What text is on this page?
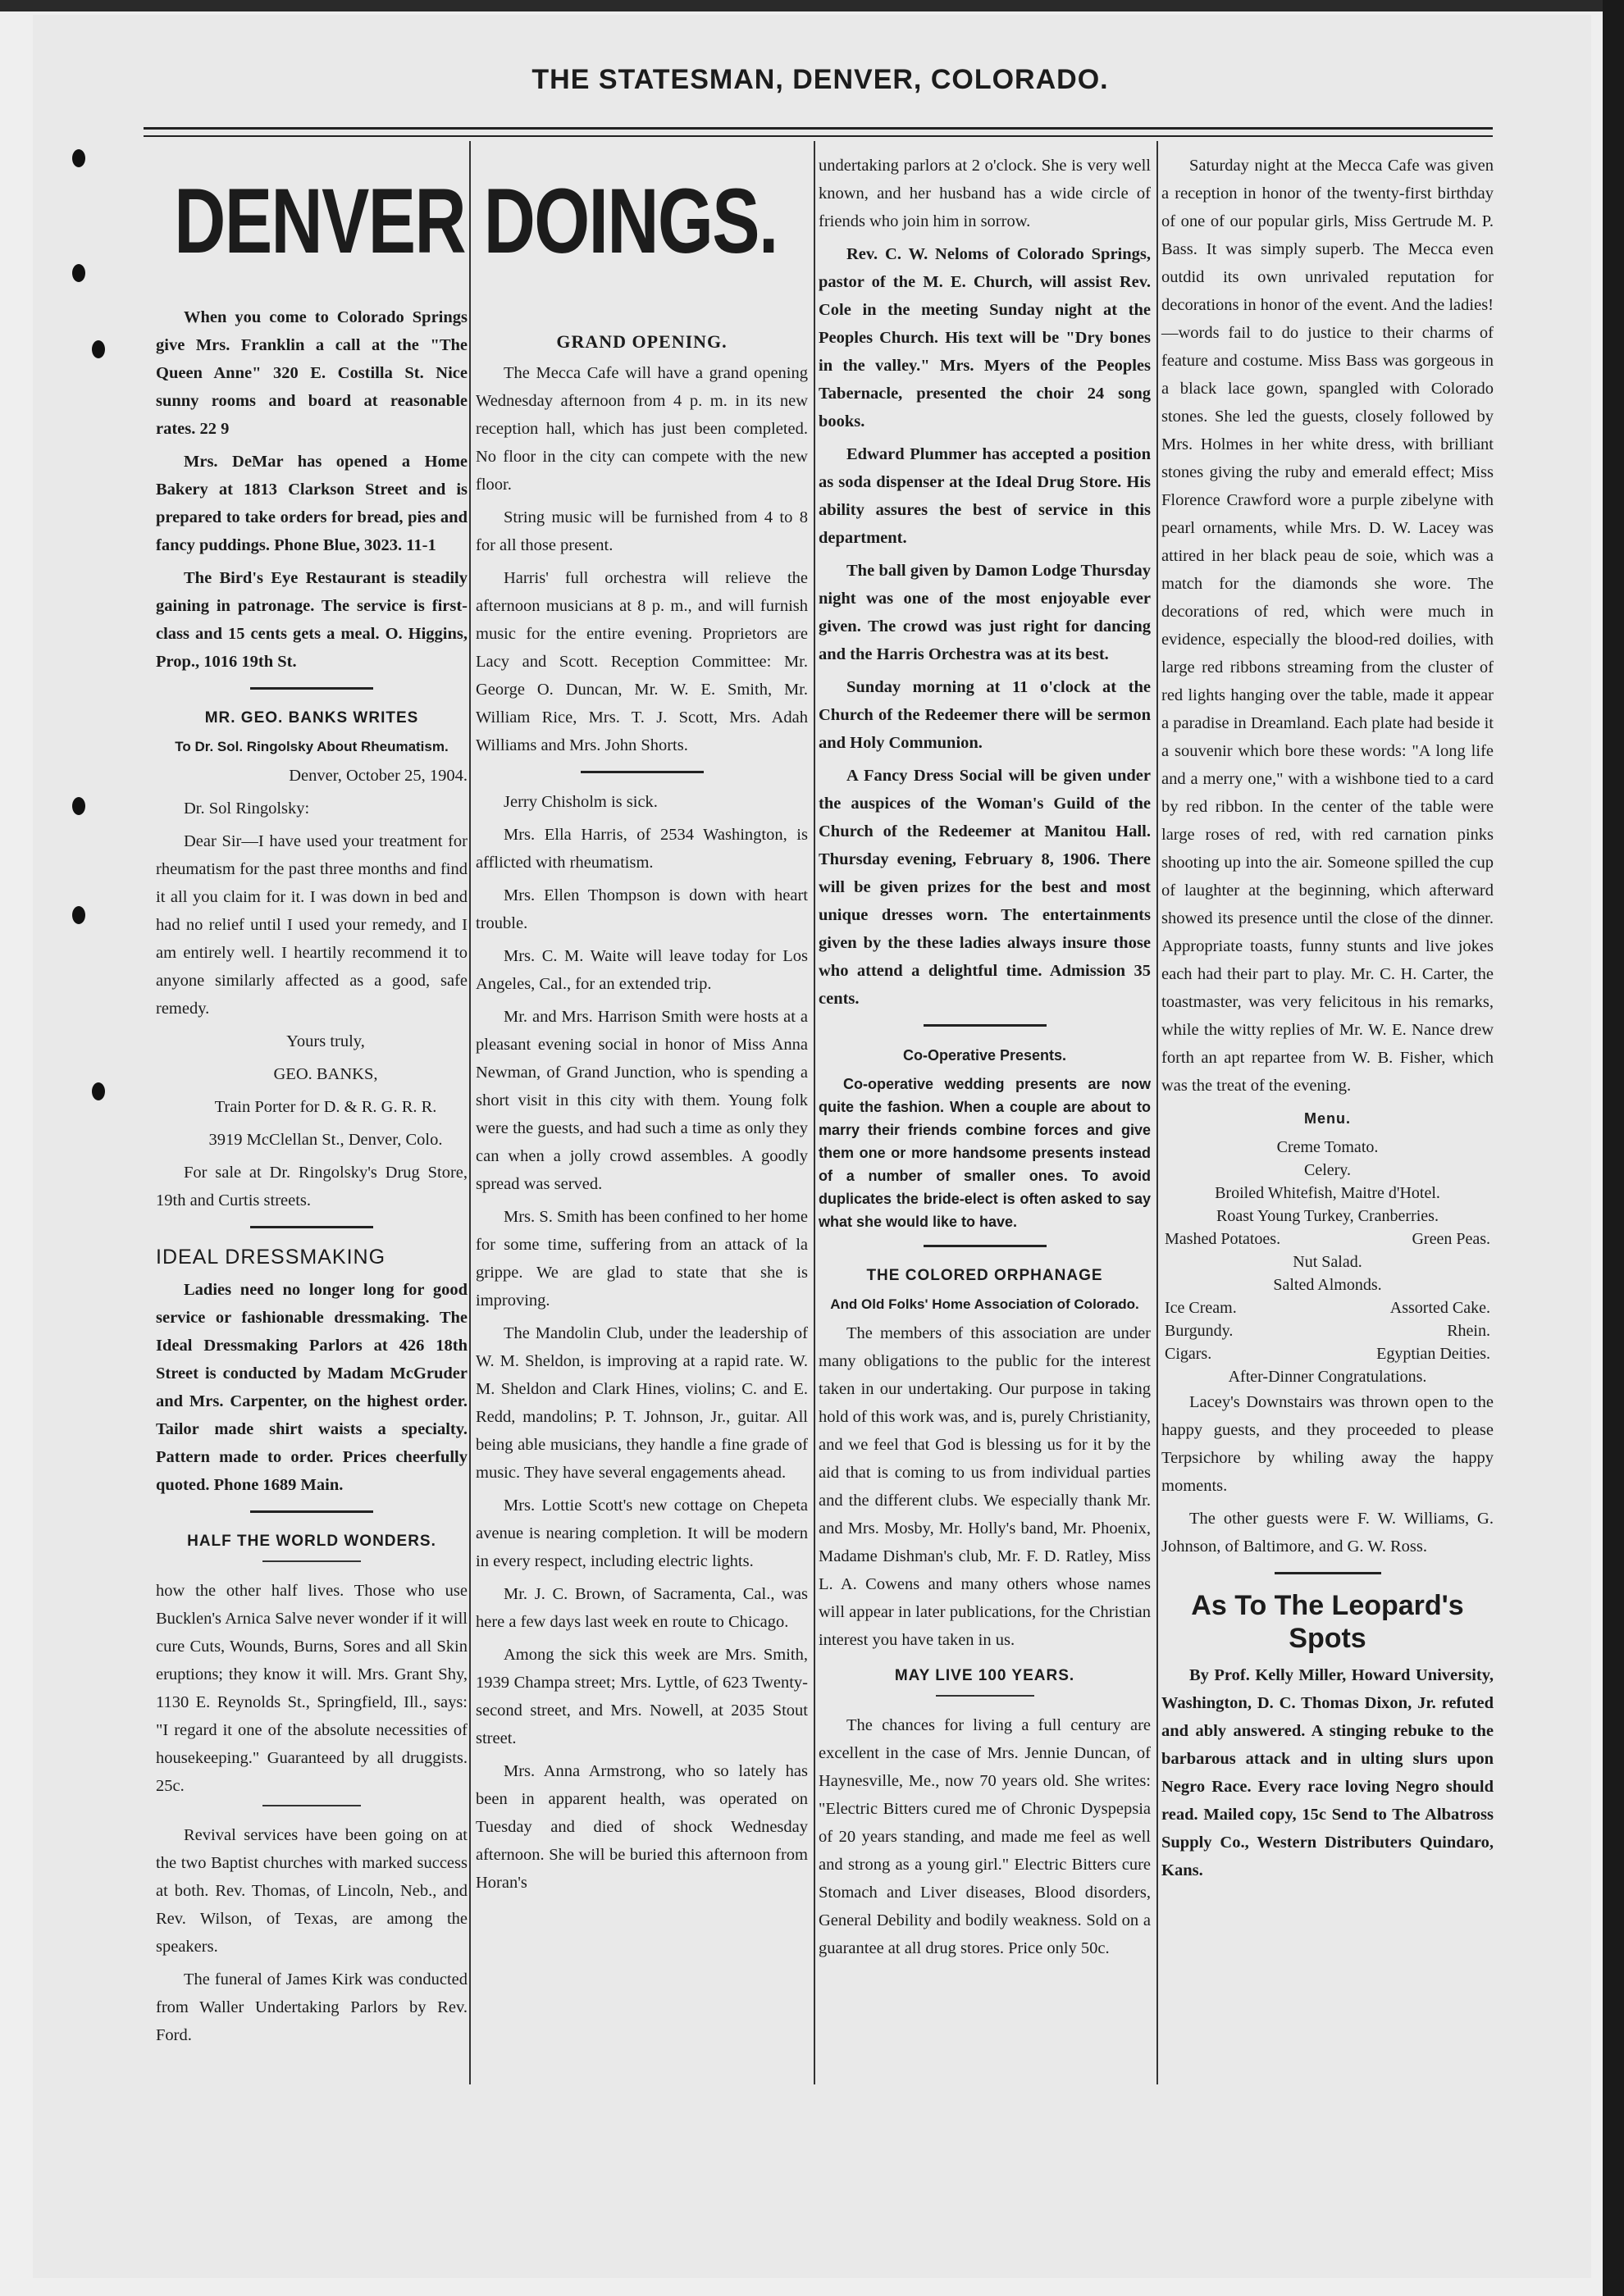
THE STATESMAN, DENVER, COLORADO.
DENVER DOINGS.

When you come to Colorado Springs give Mrs. Franklin a call at the "The Queen Anne" 320 E. Costilla St. Nice sunny rooms and board at reasonable rates. 22 9

Mrs. DeMar has opened a Home Bakery at 1813 Clarkson Street and is prepared to take orders for bread, pies and fancy puddings. Phone Blue, 3023. 11-1

The Bird's Eye Restaurant is steadily gaining in patronage. The service is first-class and 15 cents gets a meal. O. Higgins, Prop., 1016 19th St.

MR. GEO. BANKS WRITES
To Dr. Sol. Ringolsky About Rheumatism.

Denver, October 25, 1904.

Dr. Sol Ringolsky:

Dear Sir—I have used your treatment for rheumatism for the past three months and find it all you claim for it. I was down in bed and had no relief until I used your remedy, and I am entirely well. I heartily recommend it to anyone similarly affected as a good, safe remedy.

Yours truly,

GEO. BANKS,

Train Porter for D. & R. G. R. R.

3919 McClellan St., Denver, Colo.

For sale at Dr. Ringolsky's Drug Store, 19th and Curtis streets.

IDEAL DRESSMAKING

Ladies need no longer long for good service or fashionable dressmaking. The Ideal Dressmaking Parlors at 426 18th Street is conducted by Madam McGruder and Mrs. Carpenter, on the highest order. Tailor made shirt waists a specialty. Pattern made to order. Prices cheerfully quoted. Phone 1689 Main.

HALF THE WORLD WONDERS.

how the other half lives. Those who use Bucklen's Arnica Salve never wonder if it will cure Cuts, Wounds, Burns, Sores and all Skin eruptions; they know it will. Mrs. Grant Shy, 1130 E. Reynolds St., Springfield, Ill., says: "I regard it one of the absolute necessities of housekeeping." Guaranteed by all druggists. 25c.

Revival services have been going on at the two Baptist churches with marked success at both. Rev. Thomas, of Lincoln, Neb., and Rev. Wilson, of Texas, are among the speakers.

The funeral of James Kirk was conducted from Waller Undertaking Parlors by Rev. Ford.

GRAND OPENING.

The Mecca Cafe will have a grand opening Wednesday afternoon from 4 p. m. in its new reception hall, which has just been completed. No floor in the city can compete with the new floor.

String music will be furnished from 4 to 8 for all those present.

Harris' full orchestra will relieve the afternoon musicians at 8 p. m., and will furnish music for the entire evening. Proprietors are Lacy and Scott. Reception Committee: Mr. George O. Duncan, Mr. W. E. Smith, Mr. William Rice, Mrs. T. J. Scott, Mrs. Adah Williams and Mrs. John Shorts.

Jerry Chisholm is sick.

Mrs. Ella Harris, of 2534 Washington, is afflicted with rheumatism.

Mrs. Ellen Thompson is down with heart trouble.

Mrs. C. M. Waite will leave today for Los Angeles, Cal., for an extended trip.

Mr. and Mrs. Harrison Smith were hosts at a pleasant evening social in honor of Miss Anna Newman, of Grand Junction, who is spending a short visit in this city with them. Young folk were the guests, and had such a time as only they can when a jolly crowd assembles. A goodly spread was served.

Mrs. S. Smith has been confined to her home for some time, suffering from an attack of la grippe. We are glad to state that she is improving.

The Mandolin Club, under the leadership of W. M. Sheldon, is improving at a rapid rate. W. M. Sheldon and Clark Hines, violins; C. and E. Redd, mandolins; P. T. Johnson, Jr., guitar. All being able musicians, they handle a fine grade of music. They have several engagements ahead.

Mrs. Lottie Scott's new cottage on Chepeta avenue is nearing completion. It will be modern in every respect, including electric lights.

Mr. J. C. Brown, of Sacramenta, Cal., was here a few days last week en route to Chicago.

Among the sick this week are Mrs. Smith, 1939 Champa street; Mrs. Lyttle, of 623 Twenty-second street, and Mrs. Nowell, at 2035 Stout street.

Mrs. Anna Armstrong, who so lately has been in apparent health, was operated on Tuesday and died of shock Wednesday afternoon. She will be buried this afternoon from Horan's

undertaking parlors at 2 o'clock. She is very well known, and her husband has a wide circle of friends who join him in sorrow.

Rev. C. W. Neloms of Colorado Springs, pastor of the M. E. Church, will assist Rev. Cole in the meeting Sunday night at the Peoples Church. His text will be "Dry bones in the valley." Mrs. Myers of the Peoples Tabernacle, presented the choir 24 song books.

Edward Plummer has accepted a position as soda dispenser at the Ideal Drug Store. His ability assures the best of service in this department.

The ball given by Damon Lodge Thursday night was one of the most enjoyable ever given. The crowd was just right for dancing and the Harris Orchestra was at its best.

Sunday morning at 11 o'clock at the Church of the Redeemer there will be sermon and Holy Communion.

A Fancy Dress Social will be given under the auspices of the Woman's Guild of the Church of the Redeemer at Manitou Hall. Thursday evening, February 8, 1906. There will be given prizes for the best and most unique dresses worn. The entertainments given by the these ladies always insure those who attend a delightful time. Admission 35 cents.

Co-Operative Presents.

Co-operative wedding presents are now quite the fashion. When a couple are about to marry their friends combine forces and give them one or more handsome presents instead of a number of smaller ones. To avoid duplicates the bride-elect is often asked to say what she would like to have.

THE COLORED ORPHANAGE
And Old Folks' Home Association of Colorado.

The members of this association are under many obligations to the public for the interest taken in our undertaking. Our purpose in taking hold of this work was, and is, purely Christianity, and we feel that God is blessing us for it by the aid that is coming to us from individual parties and the different clubs. We especially thank Mr. and Mrs. Mosby, Mr. Holly's band, Mr. Phoenix, Madame Dishman's club, Mr. F. D. Ratley, Miss L. A. Cowens and many others whose names will appear in later publications, for the Christian interest you have taken in us.

MAY LIVE 100 YEARS.

The chances for living a full century are excellent in the case of Mrs. Jennie Duncan, of Haynesville, Me., now 70 years old. She writes: "Electric Bitters cured me of Chronic Dyspepsia of 20 years standing, and made me feel as well and strong as a young girl." Electric Bitters cure Stomach and Liver diseases, Blood disorders, General Debility and bodily weakness. Sold on a guarantee at all drug stores. Price only 50c.

Saturday night at the Mecca Cafe was given a reception in honor of the twenty-first birthday of one of our popular girls, Miss Gertrude M. P. Bass. It was simply superb. The Mecca even outdid its own unrivaled reputation for decorations in honor of the event. And the ladies!—words fail to do justice to their charms of feature and costume. Miss Bass was gorgeous in a black lace gown, spangled with Colorado stones. She led the guests, closely followed by Mrs. Holmes in her white dress, with brilliant stones giving the ruby and emerald effect; Miss Florence Crawford wore a purple zibelyne with pearl ornaments, while Mrs. D. W. Lacey was attired in her black peau de soie, which was a match for the diamonds she wore. The decorations of red, which were much in evidence, especially the blood-red doilies, with large red ribbons streaming from the cluster of red lights hanging over the table, made it appear a paradise in Dreamland. Each plate had beside it a souvenir which bore these words: "A long life and a merry one," with a wishbone tied to a card by red ribbon. In the center of the table were large roses of red, with red carnation pinks shooting up into the air. Someone spilled the cup of laughter at the beginning, which afterward showed its presence until the close of the dinner. Appropriate toasts, funny stunts and live jokes each had their part to play. Mr. C. H. Carter, the toastmaster, was very felicitous in his remarks, while the witty replies of Mr. W. E. Nance drew forth an apt repartee from W. B. Fisher, which was the treat of the evening.

Menu.
Creme Tomato.
Celery.
Broiled Whitefish, Maitre d'Hotel.
Roast Young Turkey, Cranberries.
Mashed Potatoes.	Green Peas.
Nut Salad.
Salted Almonds.
Ice Cream.	Assorted Cake.
Burgundy.	Rhein.
Cigars.	Egyptian Deities.
After-Dinner Congratulations.

Lacey's Downstairs was thrown open to the happy guests, and they proceeded to please Terpsichore by whiling away the happy moments.

The other guests were F. W. Williams, G. Johnson, of Baltimore, and G. W. Ross.

As To The Leopard's Spots

By Prof. Kelly Miller, Howard University, Washington, D. C. Thomas Dixon, Jr. refuted and ably answered. A stinging rebuke to the barbarous attack and in ulting slurs upon Negro Race. Every race loving Negro should read. Mailed copy, 15c Send to The Albatross Supply Co., Western Distributers Quindaro, Kans.
